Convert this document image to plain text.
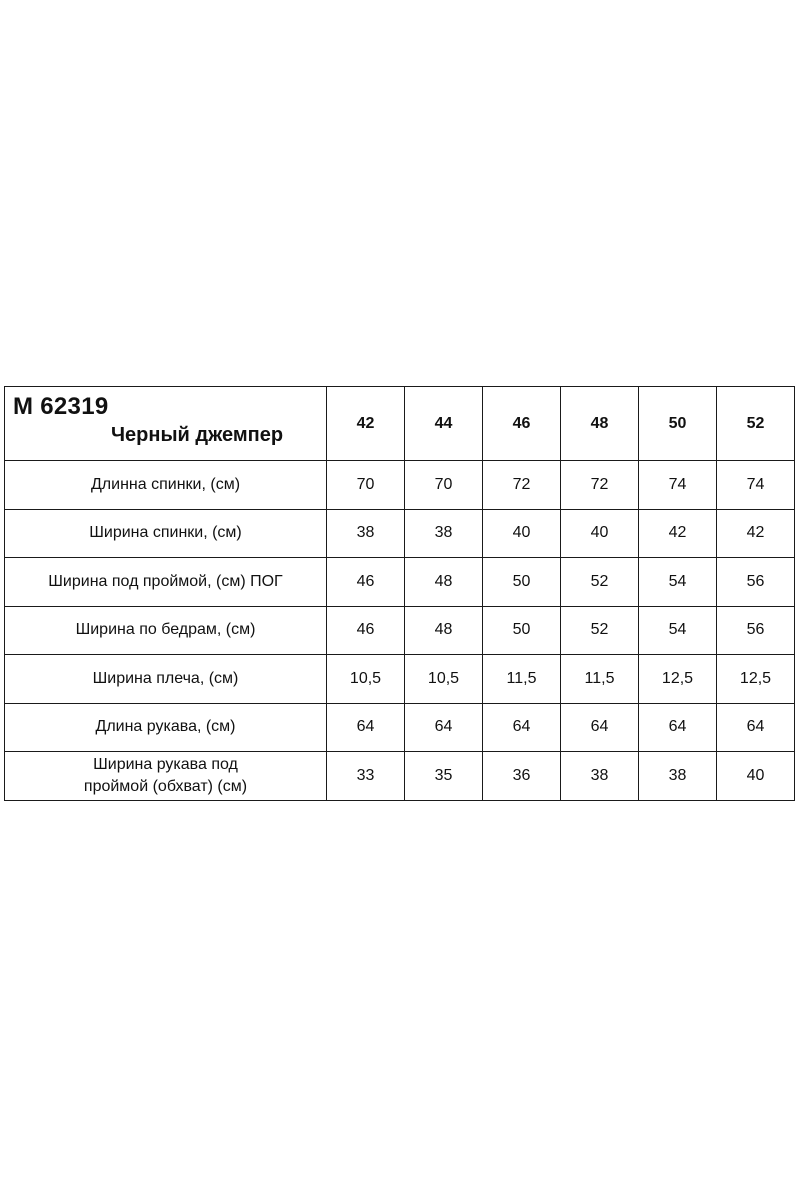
M 62319
Черный джемпер	42	44	46	48	50	52
Длинна спинки, (см)	70	70	72	72	74	74
Ширина спинки, (см)	38	38	40	40	42	42
Ширина под проймой, (см) ПОГ	46	48	50	52	54	56
Ширина по бедрам, (см)	46	48	50	52	54	56
Ширина плеча, (см)	10,5	10,5	11,5	11,5	12,5	12,5
Длина рукава, (см)	64	64	64	64	64	64

Ширина рукава под
проймой (обхват) (см)	33	35	36	38	38	40
